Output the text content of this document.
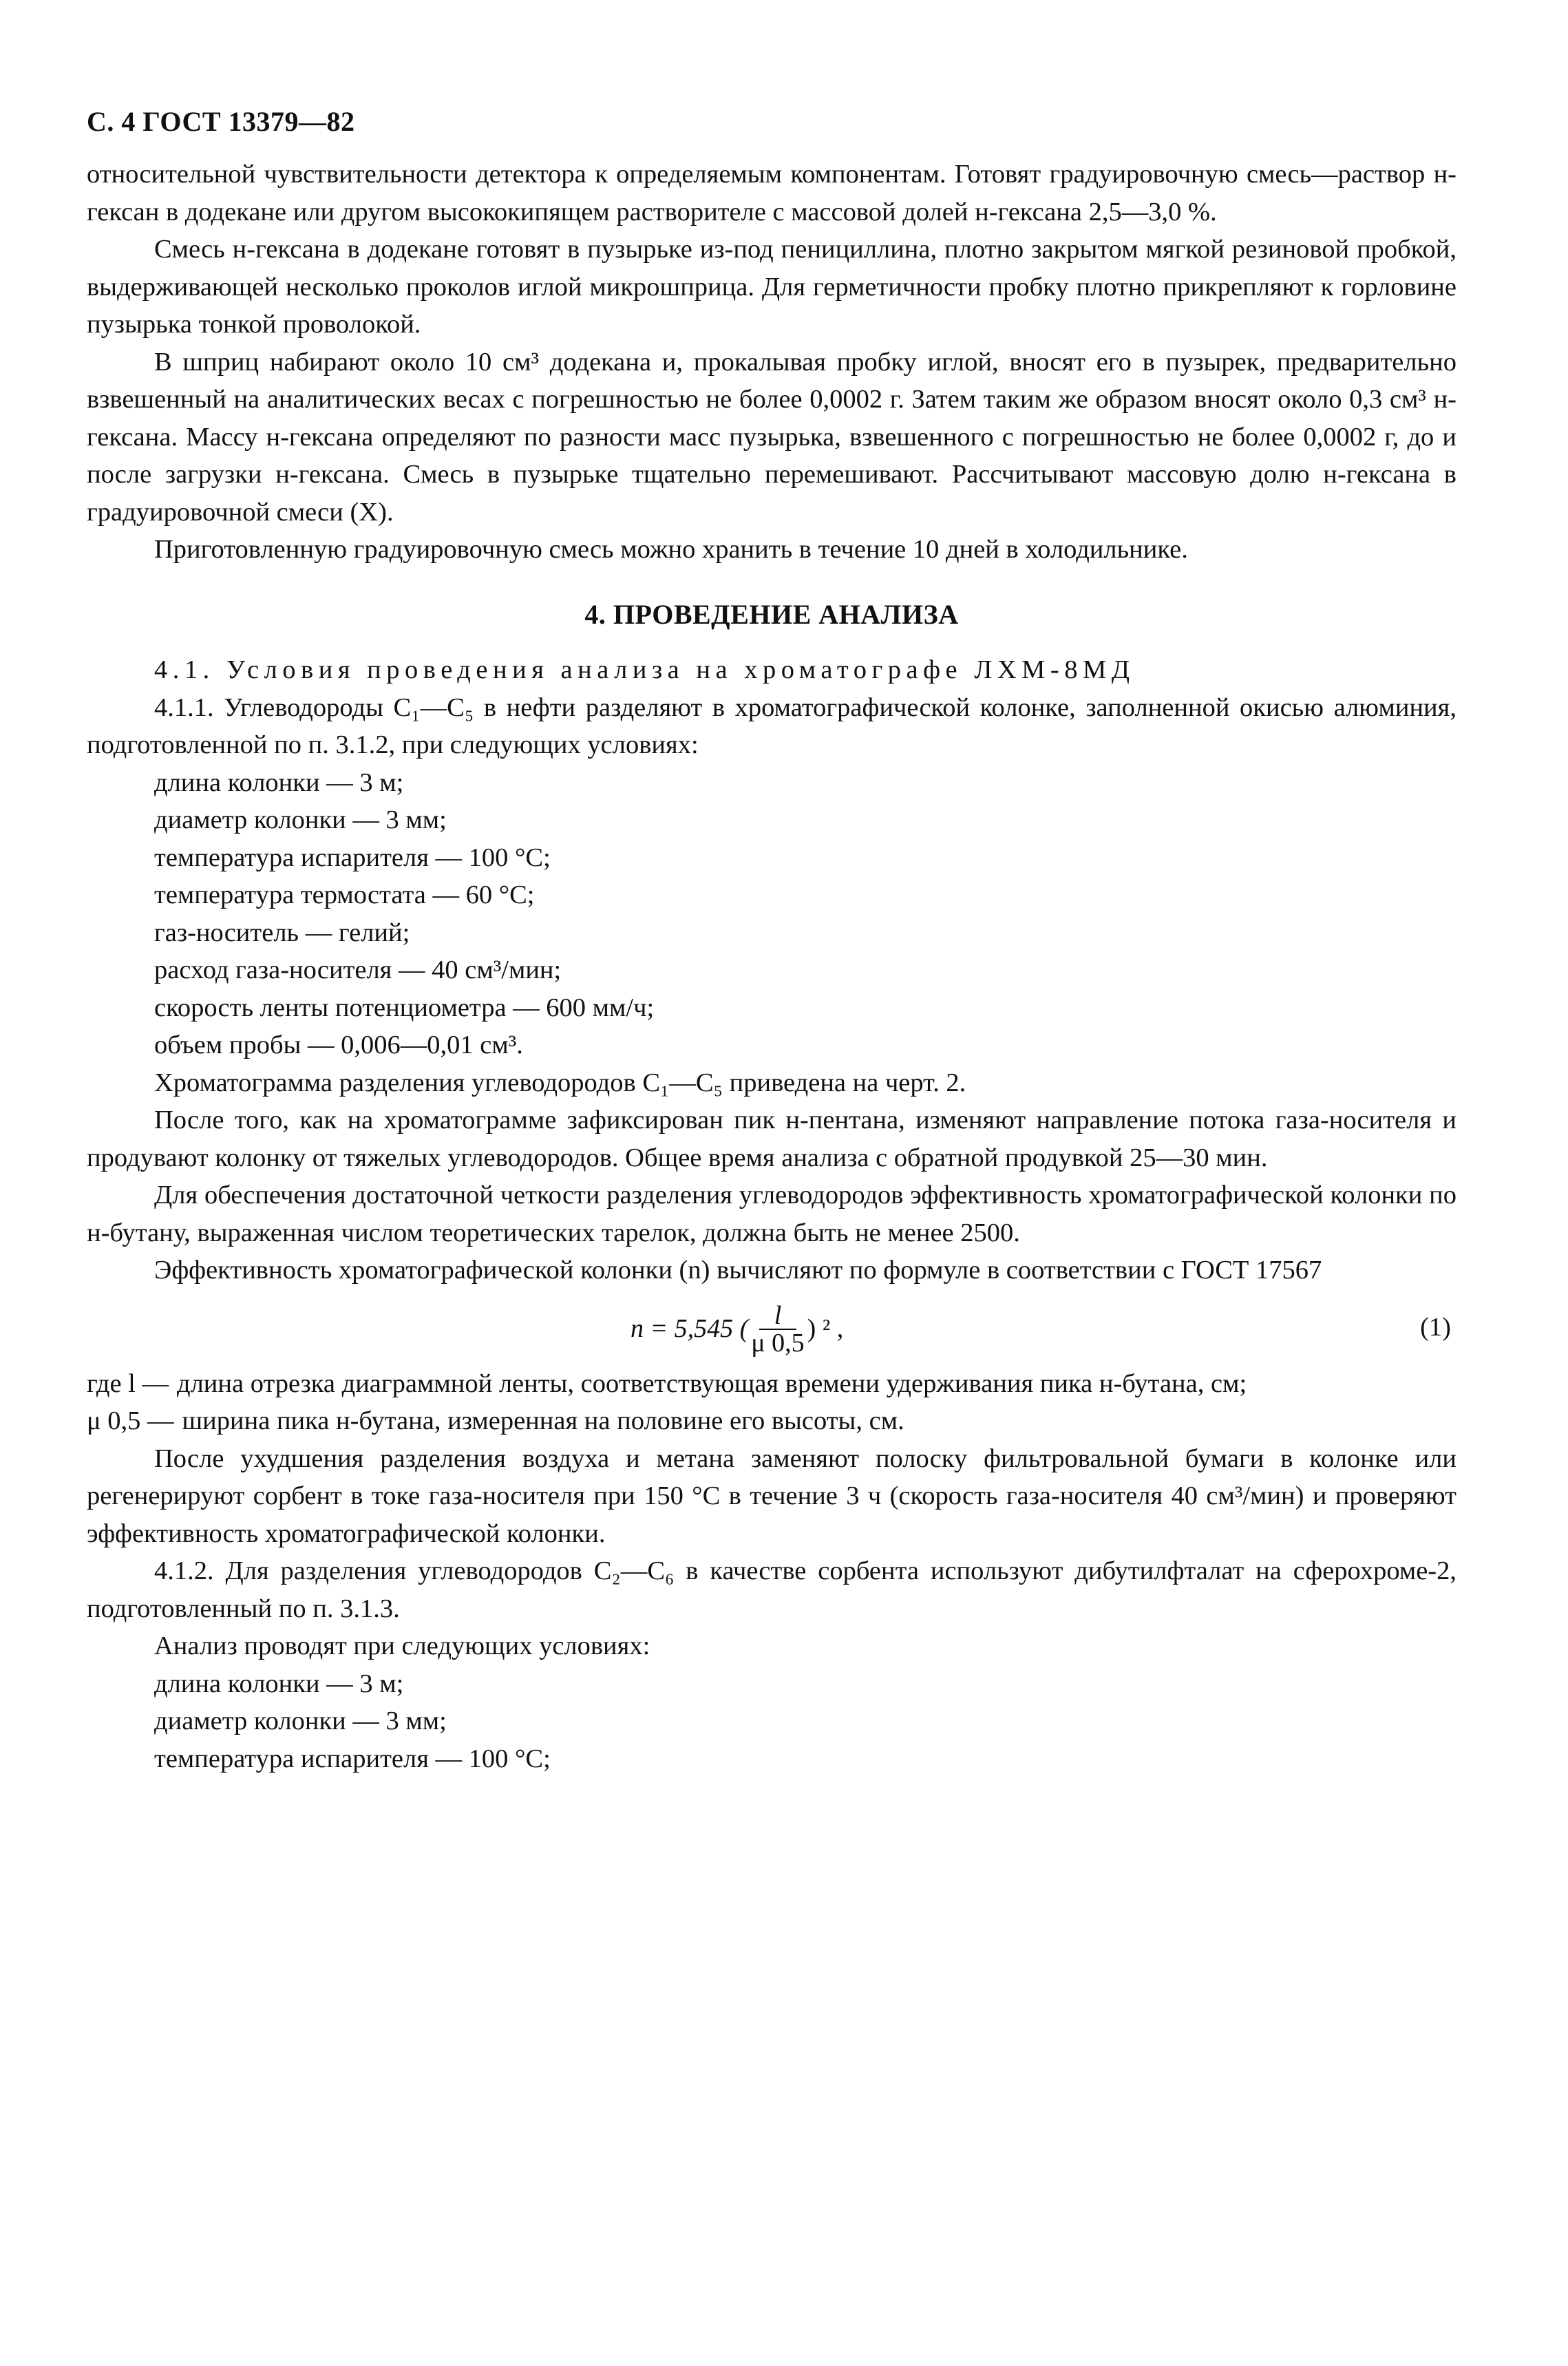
С. 4 ГОСТ 13379—82

относительной чувствительности детектора к определяемым компонентам. Готовят градуировочную смесь—раствор н-гексан в додекане или другом высококипящем растворителе с массовой долей н-гексана 2,5—3,0 %.

Смесь н-гексана в додекане готовят в пузырьке из-под пенициллина, плотно закрытом мягкой резиновой пробкой, выдерживающей несколько проколов иглой микрошприца. Для герметичности пробку плотно прикрепляют к горловине пузырька тонкой проволокой.

В шприц набирают около 10 см³ додекана и, прокалывая пробку иглой, вносят его в пузырек, предварительно взвешенный на аналитических весах с погрешностью не более 0,0002 г. Затем таким же образом вносят около 0,3 см³ н-гексана. Массу н-гексана определяют по разности масс пузырька, взвешенного с погрешностью не более 0,0002 г, до и после загрузки н-гексана. Смесь в пузырьке тщательно перемешивают. Рассчитывают массовую долю н-гексана в градуировочной смеси (X).

Приготовленную градуировочную смесь можно хранить в течение 10 дней в холодильнике.

4. ПРОВЕДЕНИЕ АНАЛИЗА

4.1. Условия проведения анализа на хроматографе ЛХМ-8МД

4.1.1. Углеводороды С₁—С₅ в нефти разделяют в хроматографической колонке, заполненной окисью алюминия, подготовленной по п. 3.1.2, при следующих условиях:

длина колонки — 3 м;

диаметр колонки — 3 мм;

температура испарителя — 100 °С;

температура термостата — 60 °С;

газ-носитель — гелий;

расход газа-носителя — 40 см³/мин;

скорость ленты потенциометра — 600 мм/ч;

объем пробы — 0,006—0,01 см³.

Хроматограмма разделения углеводородов С₁—С₅ приведена на черт. 2.

После того, как на хроматограмме зафиксирован пик н-пентана, изменяют направление потока газа-носителя и продувают колонку от тяжелых углеводородов. Общее время анализа с обратной продувкой 25—30 мин.

Для обеспечения достаточной четкости разделения углеводородов эффективность хроматографической колонки по н-бутану, выраженная числом теоретических тарелок, должна быть не менее 2500.

Эффективность хроматографической колонки (n) вычисляют по формуле в соответствии с ГОСТ 17567

n = 5,545 ( $\frac{l}{\mu 0,5}$ ) ² ,	(1)
где l — длина отрезка диаграммной ленты, соответствующая времени удерживания пика н-бутана, см;
μ 0,5 — ширина пика н-бутана, измеренная на половине его высоты, см.

После ухудшения разделения воздуха и метана заменяют полоску фильтровальной бумаги в колонке или регенерируют сорбент в токе газа-носителя при 150 °С в течение 3 ч (скорость газа-носителя 40 см³/мин) и проверяют эффективность хроматографической колонки.

4.1.2. Для разделения углеводородов С₂—С₆ в качестве сорбента используют дибутилфталат на сферохроме-2, подготовленный по п. 3.1.3.

Анализ проводят при следующих условиях:

длина колонки — 3 м;

диаметр колонки — 3 мм;

температура испарителя — 100 °С;
